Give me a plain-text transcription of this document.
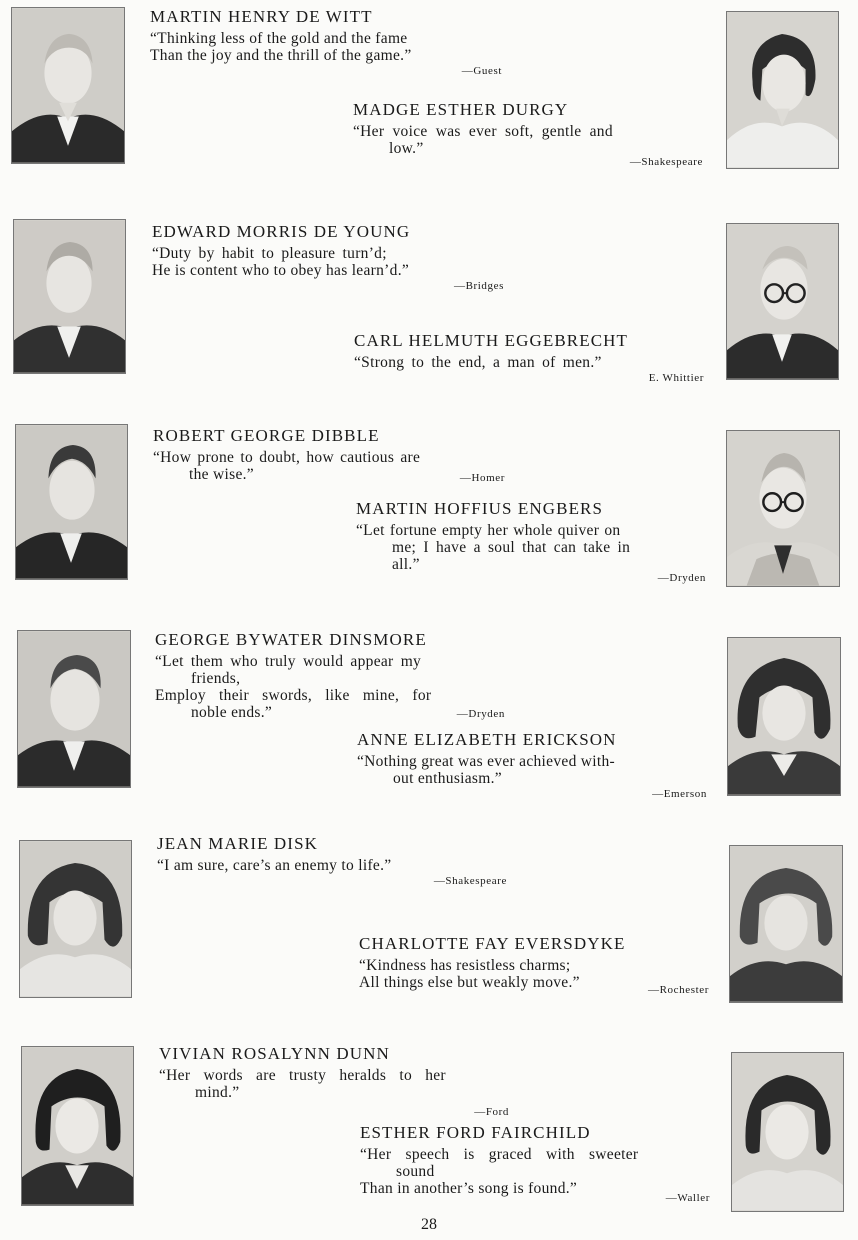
MARTIN HENRY DE WITT
“Thinking less of the gold and the fame
Than the joy and the thrill of the game.”
—Guest
MADGE ESTHER DURGY
“Her voice was ever soft, gentle and
low.”
—Shakespeare
EDWARD MORRIS DE YOUNG
“Duty by habit to pleasure turn’d;
He is content who to obey has learn’d.”
—Bridges
CARL HELMUTH EGGEBRECHT
“Strong to the end, a man of men.”
E. Whittier
ROBERT GEORGE DIBBLE
“How prone to doubt, how cautious are
the wise.”	—Homer
MARTIN HOFFIUS ENGBERS
“Let fortune empty her whole quiver on
me; I have a soul that can take in
all.”
—Dryden
GEORGE BYWATER DINSMORE
“Let them who truly would appear my
friends,
Employ their swords, like mine, for
noble ends.”	—Dryden
ANNE ELIZABETH ERICKSON
“Nothing great was ever achieved with-
out enthusiasm.”
—Emerson
JEAN MARIE DISK
“I am sure, care’s an enemy to life.”
—Shakespeare
CHARLOTTE FAY EVERSDYKE
“Kindness has resistless charms;
All things else but weakly move.”	—Rochester
VIVIAN ROSALYNN DUNN
“Her words are trusty heralds to her
mind.”
—Ford
ESTHER FORD FAIRCHILD
“Her speech is graced with sweeter
sound
Than in another’s song is found.”
—Waller
28
